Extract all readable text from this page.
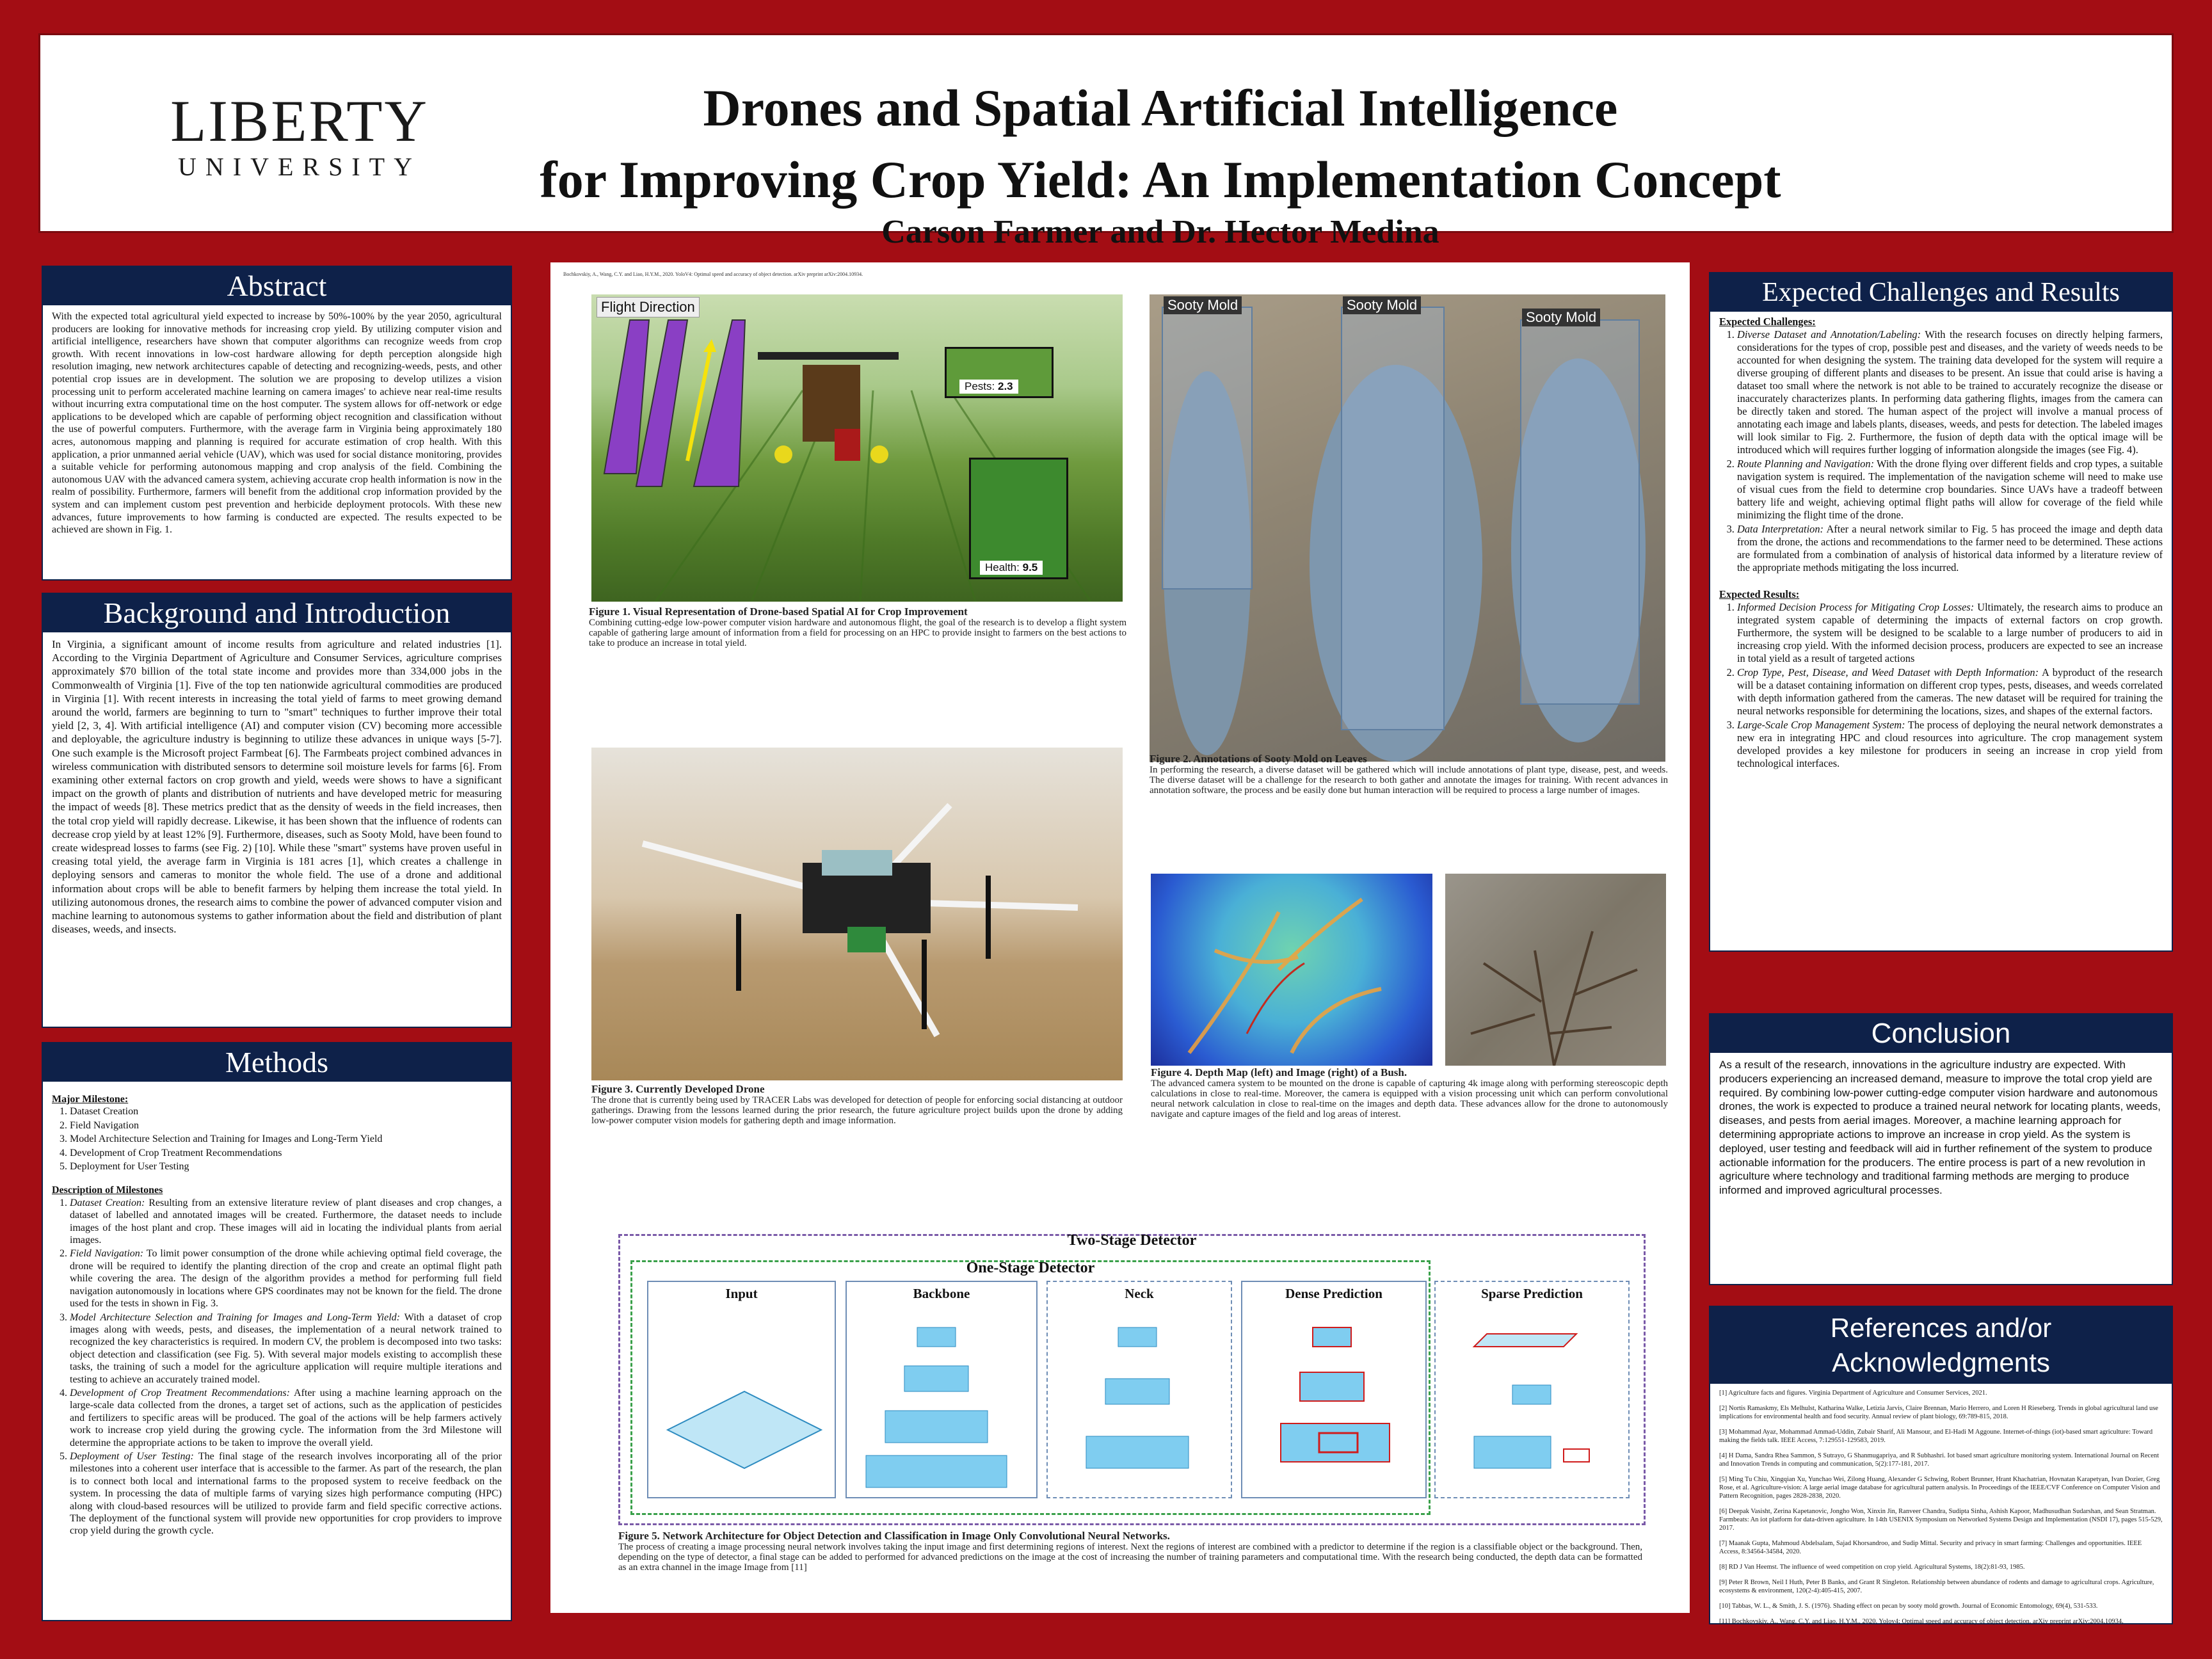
LIBERTY
UNIVERSITY
Drones and Spatial Artificial Intelligence
for Improving Crop Yield: An Implementation Concept
Carson Farmer and Dr. Hector Medina
Abstract
With the expected total agricultural yield expected to increase by 50%-100% by the year 2050, agricultural producers are looking for innovative methods for increasing crop yield. By utilizing computer vision and artificial intelligence, researchers have shown that computer algorithms can recognize weeds from crop growth. With recent innovations in low-cost hardware allowing for depth perception alongside high resolution imaging, new network architectures capable of detecting and recognizing-weeds, pests, and other potential crop issues are in development. The solution we are proposing to develop utilizes a vision processing unit to perform accelerated machine learning on camera images' to achieve near real-time results without incurring extra computational time on the host computer. The system allows for off-network or edge applications to be developed which are capable of performing object recognition and classification without the use of powerful computers. Furthermore, with the average farm in Virginia being approximately 180 acres, autonomous mapping and planning is required for accurate estimation of crop health. With this application, a prior unmanned aerial vehicle (UAV), which was used for social distance monitoring, provides a suitable vehicle for performing autonomous mapping and crop analysis of the field. Combining the autonomous UAV with the advanced camera system, achieving accurate crop health information is now in the realm of possibility. Furthermore, farmers will benefit from the additional crop information provided by the system and can implement custom pest prevention and herbicide deployment protocols. With these new advances, future improvements to how farming is conducted are expected. The results expected to be achieved are shown in Fig. 1.
Background and Introduction
In Virginia, a significant amount of income results from agriculture and related industries [1]. According to the Virginia Department of Agriculture and Consumer Services, agriculture comprises approximately $70 billion of the total state income and provides more than 334,000 jobs in the Commonwealth of Virginia [1]. Five of the top ten nationwide agricultural commodities are produced in Virginia [1]. With recent interests in increasing the total yield of farms to meet growing demand around the world, farmers are beginning to turn to "smart" techniques to further improve their total yield [2, 3, 4]. With artificial intelligence (AI) and computer vision (CV) becoming more accessible and deployable, the agriculture industry is beginning to utilize these advances in unique ways [5-7]. One such example is the Microsoft project Farmbeat [6]. The Farmbeats project combined advances in wireless communication with distributed sensors to determine soil moisture levels for farms [6]. From examining other external factors on crop growth and yield, weeds were shows to have a significant impact on the growth of plants and distribution of nutrients and have developed metric for measuring the impact of weeds [8]. These metrics predict that as the density of weeds in the field increases, then the total crop yield will rapidly decrease. Likewise, it has been shown that the influence of rodents can decrease crop yield by at least 12% [9]. Furthermore, diseases, such as Sooty Mold, have been found to create widespread losses to farms (see Fig. 2) [10]. While these "smart" systems have proven useful in creasing total yield, the average farm in Virginia is 181 acres [1], which creates a challenge in deploying sensors and cameras to monitor the whole field. The use of a drone and additional information about crops will be able to benefit farmers by helping them increase the total yield. In utilizing autonomous drones, the research aims to combine the power of advanced computer vision and machine learning to autonomous systems to gather information about the field and distribution of plant diseases, weeds, and insects.
Methods
Major Milestone:
1. Dataset Creation
2. Field Navigation
3. Model Architecture Selection and Training for Images and Long-Term Yield
4. Development of Crop Treatment Recommendations
5. Deployment for User Testing
Description of Milestones
1. Dataset Creation: Resulting from an extensive literature review of plant diseases and crop changes, a dataset of labelled and annotated images will be created. Furthermore, the dataset needs to include images of the host plant and crop. These images will aid in locating the individual plants from aerial images.
2. Field Navigation: To limit power consumption of the drone while achieving optimal field coverage, the drone will be required to identify the planting direction of the crop and create an optimal flight path while covering the area. The design of the algorithm provides a method for performing full field navigation autonomously in locations where GPS coordinates may not be known for the field. The drone used for the tests in shown in Fig. 3.
3. Model Architecture Selection and Training for Images and Long-Term Yield: With a dataset of crop images along with weeds, pests, and diseases, the implementation of a neural network trained to recognized the key characteristics is required. In modern CV, the problem is decomposed into two tasks: object detection and classification (see Fig. 5). With several major models existing to accomplish these tasks, the training of such a model for the agriculture application will require multiple iterations and testing to achieve an accurately trained model.
4. Development of Crop Treatment Recommendations: After using a machine learning approach on the large-scale data collected from the drones, a target set of actions, such as the application of pesticides and fertilizers to specific areas will be produced. The goal of the actions will be help farmers actively work to increase crop yield during the growing cycle. The information from the 3rd Milestone will determine the appropriate actions to be taken to improve the overall yield.
5. Deployment of User Testing: The final stage of the research involves incorporating all of the prior milestones into a coherent user interface that is accessible to the farmer. As part of the research, the plan is to connect both local and international farms to the proposed system to receive feedback on the system. In processing the data of multiple farms of varying sizes high performance computing (HPC) along with cloud-based resources will be utilized to provide farm and field specific corrective actions. The deployment of the functional system will provide new opportunities for crop providers to improve crop yield during the growth cycle.
Bochkovskiy, A., Wang, C.Y. and Liao, H.Y.M., 2020. YoloV4: Optimal speed and accuracy of object detection. arXiv preprint arXiv:2004.10934.
Flight Direction
Pests: 2.3
Health: 9.5
Figure 1. Visual Representation of Drone-based Spatial AI for Crop Improvement
Combining cutting-edge low-power computer vision hardware and autonomous flight, the goal of the research is to develop a flight system capable of gathering large amount of information from a field for processing on an HPC to provide insight to farmers on the best actions to take to produce an increase in total yield.
Sooty Mold	Sooty Mold
Sooty Mold
Figure 2. Annotations of Sooty Mold on Leaves
In performing the research, a diverse dataset will be gathered which will include annotations of plant type, disease, pest, and weeds. The diverse dataset will be a challenge for the research to both gather and annotate the images for training. With recent advances in annotation software, the process and be easily done but human interaction will be required to process a large number of images.
Figure 3. Currently Developed Drone
The drone that is currently being used by TRACER Labs was developed for detection of people for enforcing social distancing at outdoor gatherings. Drawing from the lessons learned during the prior research, the future agriculture project builds upon the drone by adding low-power computer vision models for gathering depth and image information.
Figure 4. Depth Map (left) and Image (right) of a Bush.
The advanced camera system to be mounted on the drone is capable of capturing 4k image along with performing stereoscopic depth calculations in close to real-time. Moreover, the camera is equipped with a vision processing unit which can perform convolutional neural network calculation in close to real-time on the images and depth data. These advances allow for the drone to autonomously navigate and capture images of the field and log areas of interest.
Two-Stage Detector
One-Stage Detector
Input	Backbone	Neck	Dense Prediction	Sparse Prediction
Figure 5. Network Architecture for Object Detection and Classification in Image Only Convolutional Neural Networks.
The process of creating a image processing neural network involves taking the input image and first determining regions of interest. Next the regions of interest are combined with a predictor to determine if the region is a classifiable object or the background. Then, depending on the type of detector, a final stage can be added to performed for advanced predictions on the image at the cost of increasing the number of training parameters and computational time. With the research being conducted, the depth data can be formatted as an extra channel in the image Image from [11]
Expected Challenges and Results
Expected Challenges:
1. Diverse Dataset and Annotation/Labeling: With the research focuses on directly helping farmers, considerations for the types of crop, possible pest and diseases, and the variety of weeds needs to be accounted for when designing the system. The training data developed for the system will require a diverse grouping of different plants and diseases to be present. An issue that could arise is having a dataset too small where the network is not able to be trained to accurately recognize the disease or inaccurately characterizes plants. In performing data gathering flights, images from the camera can be directly taken and stored. The human aspect of the project will involve a manual process of annotating each image and labels plants, diseases, weeds, and pests for detection. The labeled images will look similar to Fig. 2. Furthermore, the fusion of depth data with the optical image will be introduced which will requires further logging of information alongside the images (see Fig. 4).
2. Route Planning and Navigation: With the drone flying over different fields and crop types, a suitable navigation system is required. The implementation of the navigation scheme will need to make use of visual cues from the field to determine crop boundaries. Since UAVs have a tradeoff between battery life and weight, achieving optimal flight paths will allow for coverage of the field while minimizing the flight time of the drone.
3. Data Interpretation: After a neural network similar to Fig. 5 has proceed the image and depth data from the drone, the actions and recommendations to the farmer need to be determined. These actions are formulated from a combination of analysis of historical data informed by a literature review of the appropriate methods mitigating the loss incurred.
Expected Results:
1. Informed Decision Process for Mitigating Crop Losses: Ultimately, the research aims to produce an integrated system capable of determining the impacts of external factors on crop growth. Furthermore, the system will be designed to be scalable to a large number of producers to aid in increasing crop yield. With the informed decision process, producers are expected to see an increase in total yield as a result of targeted actions
2. Crop Type, Pest, Disease, and Weed Dataset with Depth Information: A byproduct of the research will be a dataset containing information on different crop types, pests, diseases, and weeds correlated with depth information gathered from the cameras. The new dataset will be required for training the neural networks responsible for determining the locations, sizes, and shapes of the external factors.
3. Large-Scale Crop Management System: The process of deploying the neural network demonstrates a new era in integrating HPC and cloud resources into agriculture. The crop management system developed provides a key milestone for producers in seeing an increase in crop yield from technological interfaces.
Conclusion
As a result of the research, innovations in the agriculture industry are expected. With producers experiencing an increased demand, measure to improve the total crop yield are required. By combining low-power cutting-edge computer vision hardware and autonomous drones, the work is expected to produce a trained neural network for locating plants, weeds, diseases, and pests from aerial images. Moreover, a machine learning approach for determining appropriate actions to improve an increase in crop yield. As the system is deployed, user testing and feedback will aid in further refinement of the system to produce actionable information for the producers. The entire process is part of a new revolution in agriculture where technology and traditional farming methods are merging to produce informed and improved agricultural processes.
References and/or
Acknowledgments

[1] Agriculture facts and figures. Virginia Department of Agriculture and Consumer Services, 2021.

[2] Nortis Ramaskmy, Els Melhulst, Katharina Walke, Letizia Jarvis, Claire Brennan, Mario Herrero, and Loren H Rieseberg. Trends in global agricultural land use implications for environmental health and food security. Annual review of plant biology, 69:789-815, 2018.

[3] Mohammad Ayaz, Mohammad Ammad-Uddin, Zubair Sharif, Ali Mansour, and El-Hadi M Aggoune. Internet-of-things (iot)-based smart agriculture: Toward making the fields talk. IEEE Access, 7:129551-129583, 2019.

[4] H Dama, Sandra Rhea Sammon, S Sutrayo, G Shanmugapriya, and R Subhashri. Iot based smart agriculture monitoring system. International Journal on Recent and Innovation Trends in computing and communication, 5(2):177-181, 2017.

[5] Ming Tu Chiu, Xingqian Xu, Yunchao Wei, Zilong Huang, Alexander G Schwing, Robert Brunner, Hrant Khachatrian, Hovnatan Karapetyan, Ivan Dozier, Greg Rose, et al. Agriculture-vision: A large aerial image database for agricultural pattern analysis. In Proceedings of the IEEE/CVF Conference on Computer Vision and Pattern Recognition, pages 2828-2838, 2020.

[6] Deepak Vasisht, Zerina Kapetanovic, Jongho Won, Xinxin Jin, Ranveer Chandra, Sudipta Sinha, Ashish Kapoor, Madhusudhan Sudarshan, and Sean Stratman. Farmbeats: An iot platform for data-driven agriculture. In 14th USENIX Symposium on Networked Systems Design and Implementation (NSDI 17), pages 515-529, 2017.

[7] Maanak Gupta, Mahmoud Abdelsalam, Sajad Khorsandroo, and Sudip Mittal. Security and privacy in smart farming: Challenges and opportunities. IEEE Access, 8:34564-34584, 2020.

[8] RD J Van Heemst. The influence of weed competition on crop yield. Agricultural Systems, 18(2):81-93, 1985.

[9] Peter R Brown, Neil I Huth, Peter B Banks, and Grant R Singleton. Relationship between abundance of rodents and damage to agricultural crops. Agriculture, ecosystems & environment, 120(2-4):405-415, 2007.

[10] Tabbas, W. L., & Smith, J. S. (1976). Shading effect on pecan by sooty mold growth. Journal of Economic Entomology, 69(4), 531-533.

[11] Bochkovskiy, A., Wang, C.Y. and Liao, H.Y.M., 2020. Yolov4: Optimal speed and accuracy of object detection. arXiv preprint arXiv:2004.10934.
